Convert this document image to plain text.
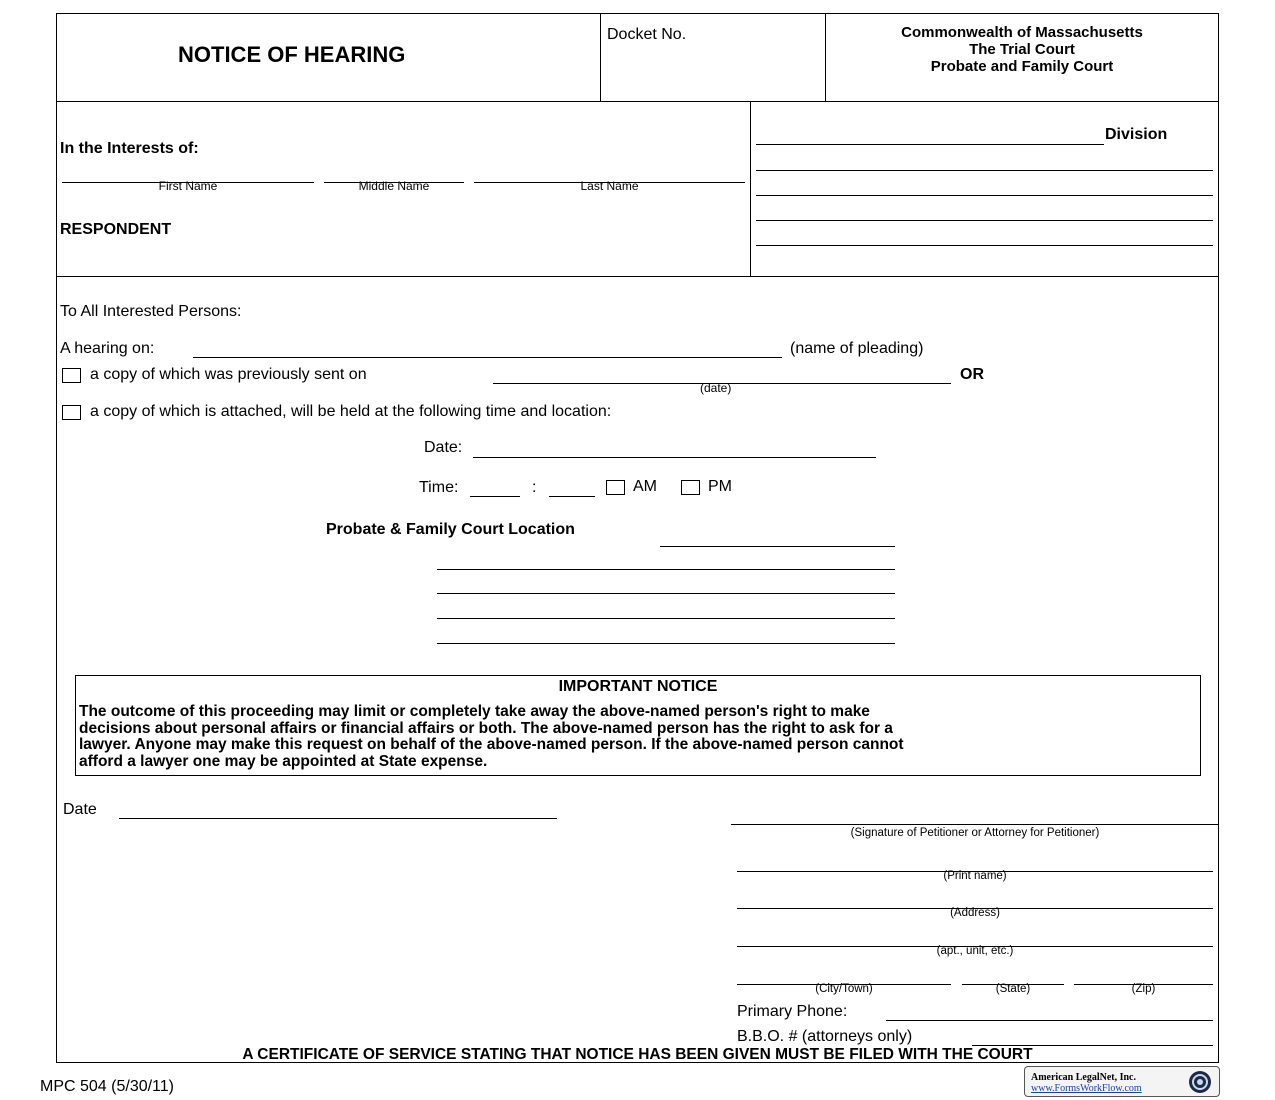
NOTICE OF HEARING
Docket No.	Commonwealth of Massachusetts
The Trial Court
Probate and Family Court
In the Interests of:
First Name	Middle Name	Last Name
RESPONDENT
Division
To All Interested Persons:
A hearing on:	(name of pleading)
a copy of which was previously sent on
(date)
OR
a copy of which is attached, will be held at the following time and location:
Date:
Time:	:	AM	PM
Probate & Family Court Location
IMPORTANT NOTICE
The outcome of this proceeding may limit or completely take away the above-named person's right to make
decisions about personal affairs or financial affairs or both. The above-named person has the right to ask for a
lawyer. Anyone may make this request on behalf of the above-named person. If the above-named person cannot
afford a lawyer one may be appointed at State expense.
Date
(Signature of Petitioner or Attorney for Petitioner)
(Print name)
(Address)
(apt., unit, etc.)
(City/Town)	(State)	(Zip)
Primary Phone:
B.B.O. # (attorneys only)
A CERTIFICATE OF SERVICE STATING THAT NOTICE HAS BEEN GIVEN MUST BE FILED WITH THE COURT
MPC 504 (5/30/11)
American LegalNet, Inc.
www.FormsWorkFlow.com
